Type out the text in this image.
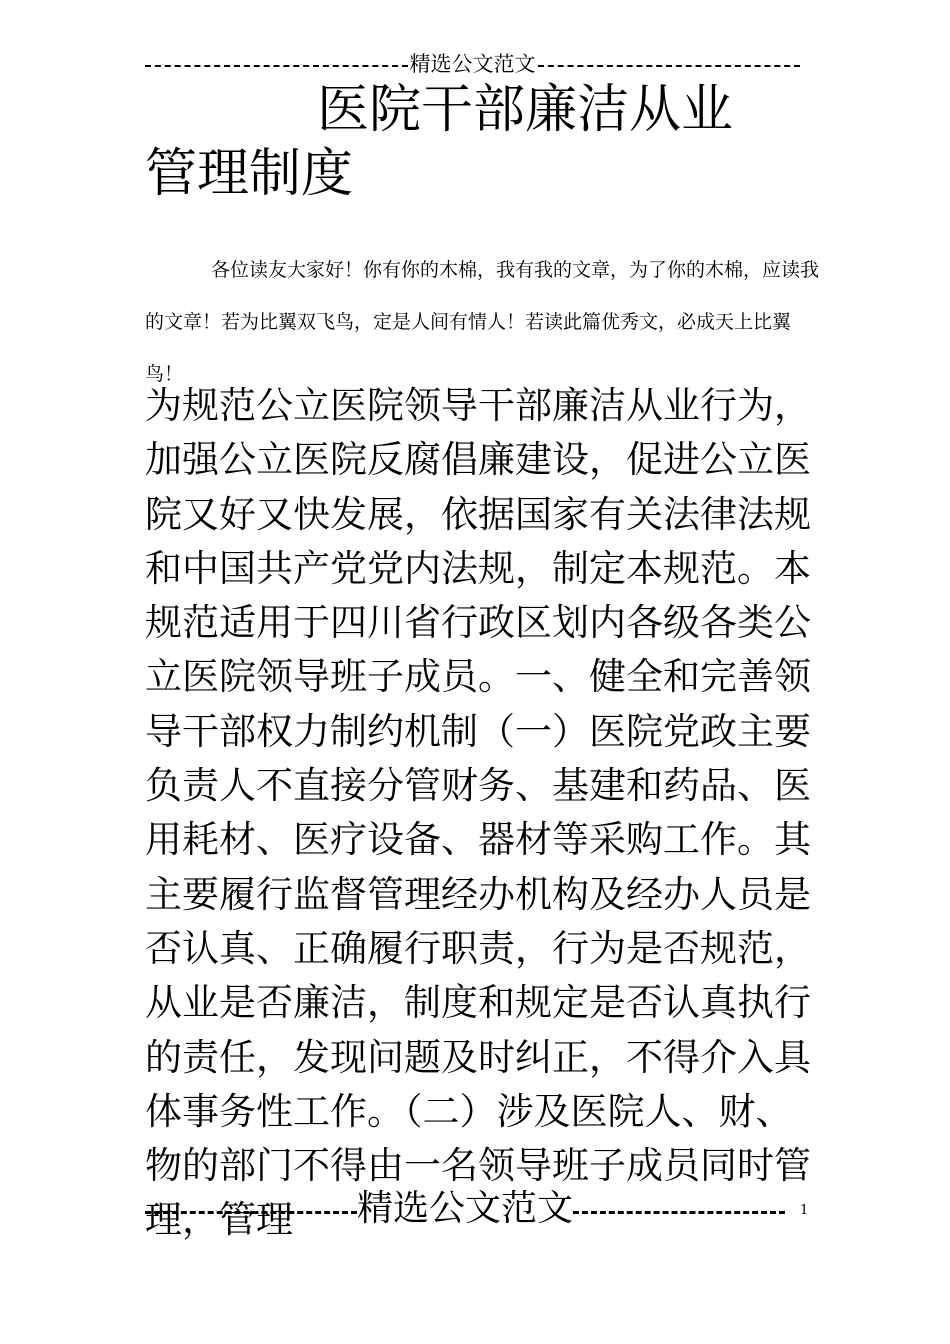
精选公文范文
医院干部廉洁从业
管理制度

各位读友大家好！你有你的木棉，我有我的文章，为了你的木棉，应读我的文章！若为比翼双飞鸟，定是人间有情人！若读此篇优秀文，必成天上比翼鸟！

为规范公立医院领导干部廉洁从业行为，加强公立医院反腐倡廉建设，促进公立医院又好又快发展，依据国家有关法律法规和中国共产党党内法规，制定本规范。本规范适用于四川省行政区划内各级各类公立医院领导班子成员。一、健全和完善领导干部权力制约机制（一）医院党政主要负责人不直接分管财务、基建和药品、医用耗材、医疗设备、器材等采购工作。其主要履行监督管理经办机构及经办人员是否认真、正确履行职责，行为是否规范，从业是否廉洁，制度和规定是否认真执行的责任，发现问题及时纠正，不得介入具体事务性工作。（二）涉及医院人、财、物的部门不得由一名领导班子成员同时管理，管理	精选公文范文	1
